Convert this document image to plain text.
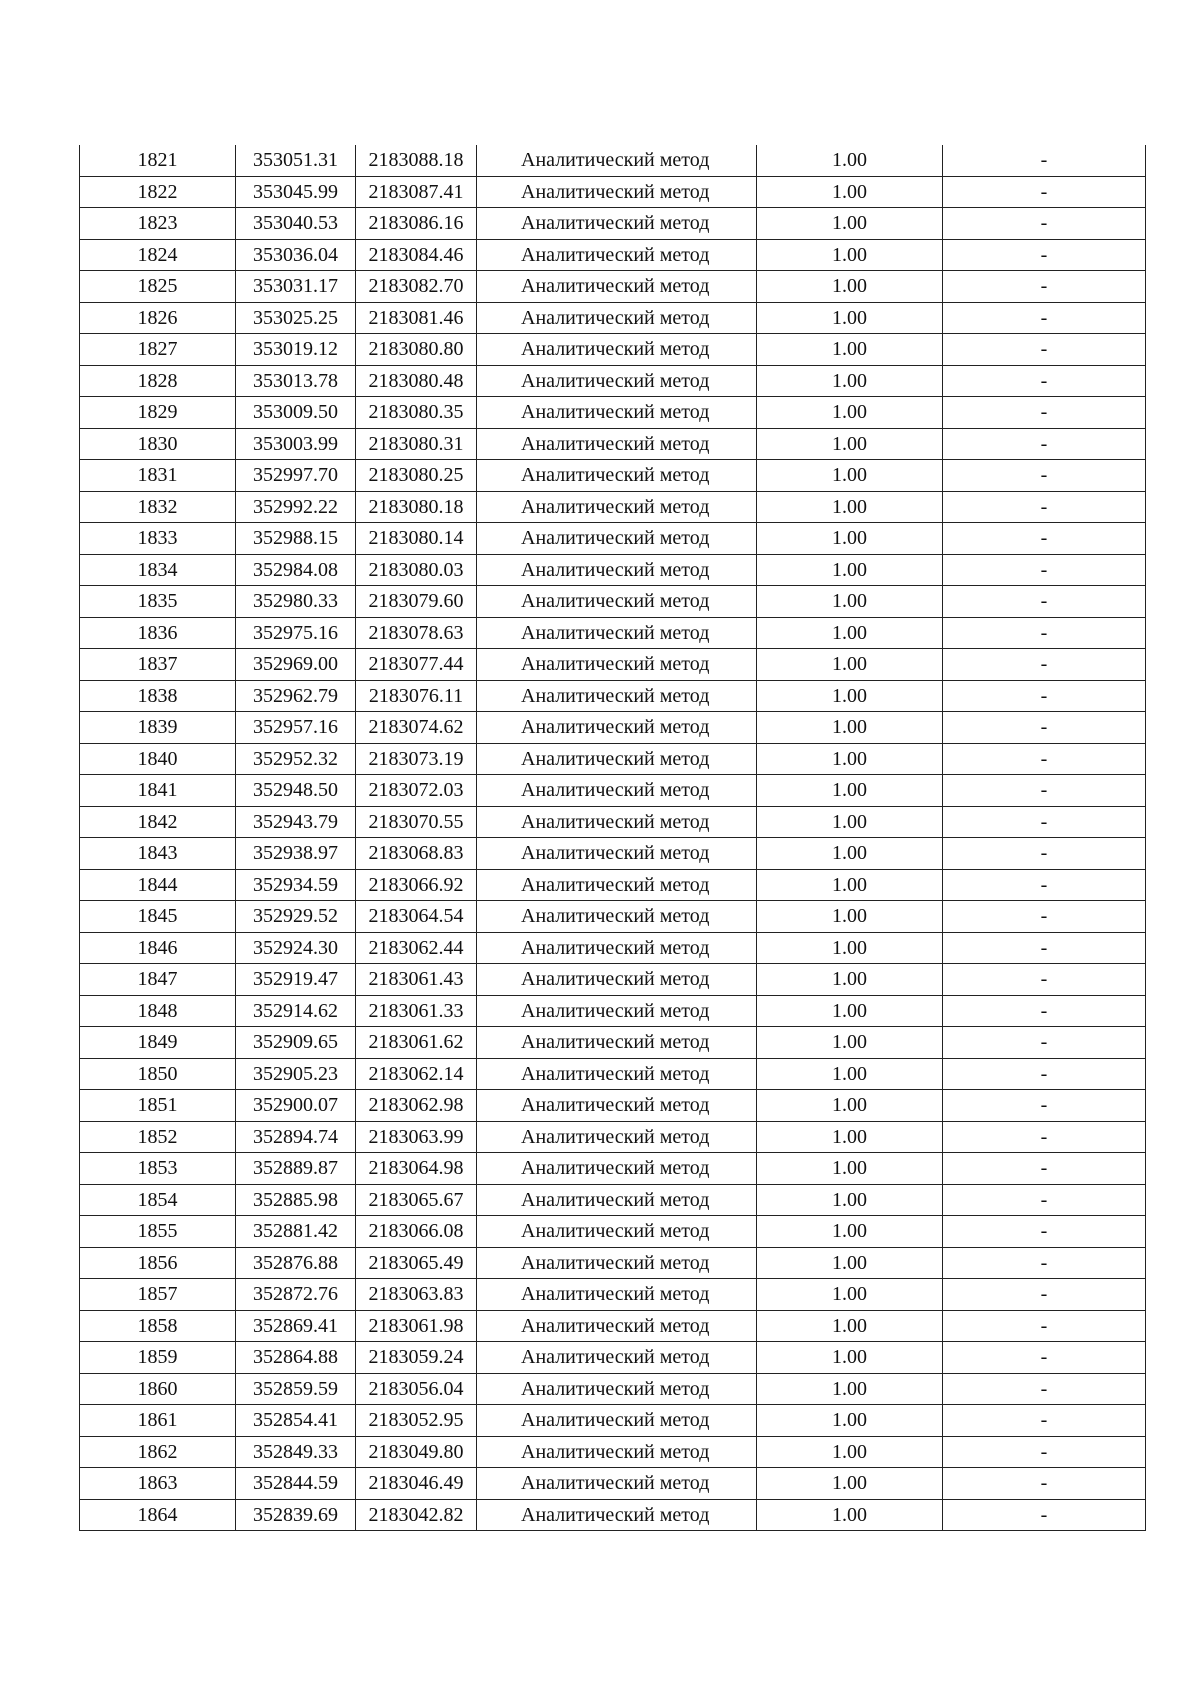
1821	353051.31	2183088.18	Аналитический метод	1.00	-
1822	353045.99	2183087.41	Аналитический метод	1.00	-
1823	353040.53	2183086.16	Аналитический метод	1.00	-
1824	353036.04	2183084.46	Аналитический метод	1.00	-
1825	353031.17	2183082.70	Аналитический метод	1.00	-
1826	353025.25	2183081.46	Аналитический метод	1.00	-
1827	353019.12	2183080.80	Аналитический метод	1.00	-
1828	353013.78	2183080.48	Аналитический метод	1.00	-
1829	353009.50	2183080.35	Аналитический метод	1.00	-
1830	353003.99	2183080.31	Аналитический метод	1.00	-
1831	352997.70	2183080.25	Аналитический метод	1.00	-
1832	352992.22	2183080.18	Аналитический метод	1.00	-
1833	352988.15	2183080.14	Аналитический метод	1.00	-
1834	352984.08	2183080.03	Аналитический метод	1.00	-
1835	352980.33	2183079.60	Аналитический метод	1.00	-
1836	352975.16	2183078.63	Аналитический метод	1.00	-
1837	352969.00	2183077.44	Аналитический метод	1.00	-
1838	352962.79	2183076.11	Аналитический метод	1.00	-
1839	352957.16	2183074.62	Аналитический метод	1.00	-
1840	352952.32	2183073.19	Аналитический метод	1.00	-
1841	352948.50	2183072.03	Аналитический метод	1.00	-
1842	352943.79	2183070.55	Аналитический метод	1.00	-
1843	352938.97	2183068.83	Аналитический метод	1.00	-
1844	352934.59	2183066.92	Аналитический метод	1.00	-
1845	352929.52	2183064.54	Аналитический метод	1.00	-
1846	352924.30	2183062.44	Аналитический метод	1.00	-
1847	352919.47	2183061.43	Аналитический метод	1.00	-
1848	352914.62	2183061.33	Аналитический метод	1.00	-
1849	352909.65	2183061.62	Аналитический метод	1.00	-
1850	352905.23	2183062.14	Аналитический метод	1.00	-
1851	352900.07	2183062.98	Аналитический метод	1.00	-
1852	352894.74	2183063.99	Аналитический метод	1.00	-
1853	352889.87	2183064.98	Аналитический метод	1.00	-
1854	352885.98	2183065.67	Аналитический метод	1.00	-
1855	352881.42	2183066.08	Аналитический метод	1.00	-
1856	352876.88	2183065.49	Аналитический метод	1.00	-
1857	352872.76	2183063.83	Аналитический метод	1.00	-
1858	352869.41	2183061.98	Аналитический метод	1.00	-
1859	352864.88	2183059.24	Аналитический метод	1.00	-
1860	352859.59	2183056.04	Аналитический метод	1.00	-
1861	352854.41	2183052.95	Аналитический метод	1.00	-
1862	352849.33	2183049.80	Аналитический метод	1.00	-
1863	352844.59	2183046.49	Аналитический метод	1.00	-
1864	352839.69	2183042.82	Аналитический метод	1.00	-
